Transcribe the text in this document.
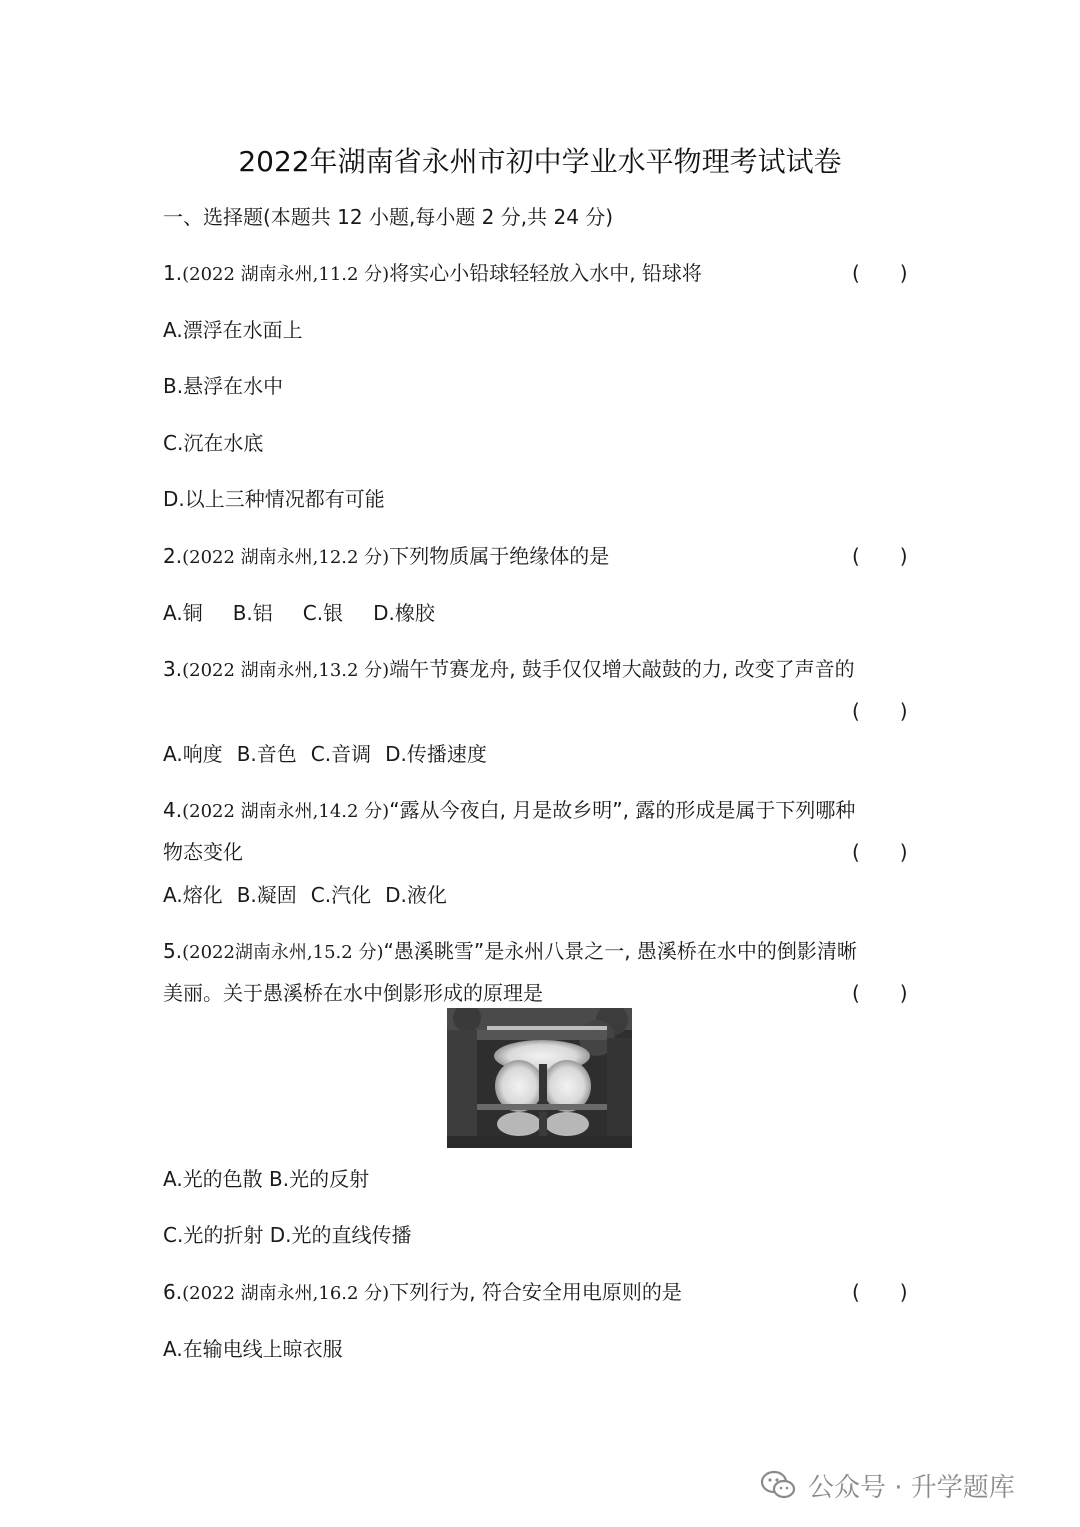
2022年湖南省永州市初中学业水平物理考试试卷
一、选择题(本题共 12 小题,每小题 2 分,共 24 分)
1.(2022 湖南永州,11.2 分)将实心小铅球轻轻放入水中, 铅球将	(　　)
A.漂浮在水面上
B.悬浮在水中
C.沉在水底
D.以上三种情况都有可能
2.(2022 湖南永州,12.2 分)下列物质属于绝缘体的是	(　　)
A.铜 B.铝 C.银 D.橡胶
3.(2022 湖南永州,13.2 分)端午节赛龙舟, 鼓手仅仅增大敲鼓的力, 改变了声音的
(　　)
A.响度 B.音色 C.音调 D.传播速度
4.(2022 湖南永州,14.2 分)“露从今夜白, 月是故乡明”, 露的形成是属于下列哪种
物态变化	(　　)
A.熔化 B.凝固 C.汽化 D.液化
5.(2022湖南永州,15.2 分)“愚溪眺雪”是永州八景之一, 愚溪桥在水中的倒影清晰
美丽。关于愚溪桥在水中倒影形成的原理是	(　　)
A.光的色散 B.光的反射
C.光的折射 D.光的直线传播
6.(2022 湖南永州,16.2 分)下列行为, 符合安全用电原则的是	(　　)
A.在输电线上晾衣服
公众号 · 升学题库
